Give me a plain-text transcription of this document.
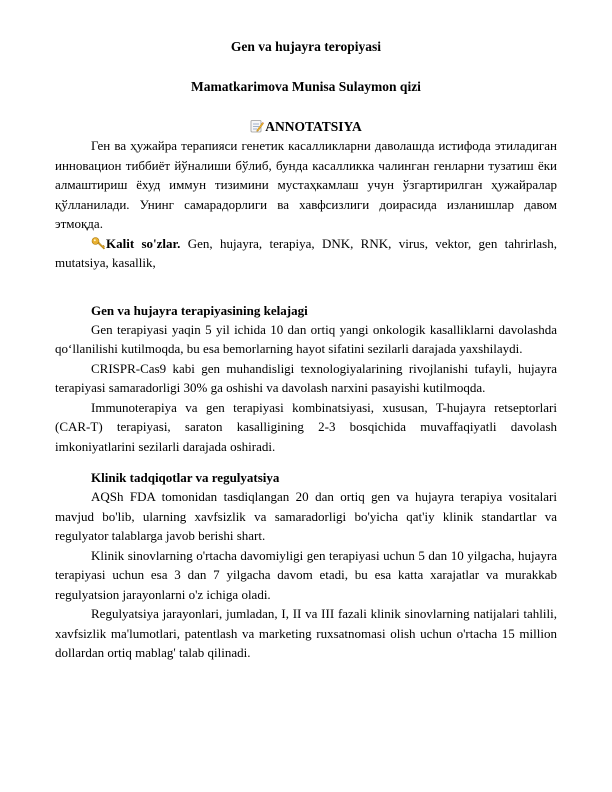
Gen va hujayra teropiyasi
Mamatkarimova Munisa Sulaymon qizi
ANNOTATSIYA

Ген ва ҳужайра терапияси генетик касалликларни даволашда истифода этиладиган инновацион тиббиёт йўналиши бўлиб, бунда касалликка чалинган генларни тузатиш ёки алмаштириш ёхуд иммун тизимини мустаҳкамлаш учун ўзгартирилган ҳужайралар қўлланилади. Унинг самарадорлиги ва хавфсизлиги доирасида изланишлар давом этмоқда.

Kalit so'zlar. Gen, hujayra, terapiya, DNK, RNK, virus, vektor, gen tahrirlash, mutatsiya, kasallik,

Gen va hujayra terapiyasining kelajagi

Gen terapiyasi yaqin 5 yil ichida 10 dan ortiq yangi onkologik kasalliklarni davolashda qo‘llanilishi kutilmoqda, bu esa bemorlarning hayot sifatini sezilarli darajada yaxshilaydi.

CRISPR-Cas9 kabi gen muhandisligi texnologiyalarining rivojlanishi tufayli, hujayra terapiyasi samaradorligi 30% ga oshishi va davolash narxini pasayishi kutilmoqda.

Immunoterapiya va gen terapiyasi kombinatsiyasi, xususan, T-hujayra retseptorlari (CAR-T) terapiyasi, saraton kasalligining 2-3 bosqichida muvaffaqiyatli davolash imkoniyatlarini sezilarli darajada oshiradi.

Klinik tadqiqotlar va regulyatsiya

AQSh FDA tomonidan tasdiqlangan 20 dan ortiq gen va hujayra terapiya vositalari mavjud bo'lib, ularning xavfsizlik va samaradorligi bo'yicha qat'iy klinik standartlar va regulyator talablarga javob berishi shart.

Klinik sinovlarning o'rtacha davomiyligi gen terapiyasi uchun 5 dan 10 yilgacha, hujayra terapiyasi uchun esa 3 dan 7 yilgacha davom etadi, bu esa katta xarajatlar va murakkab regulyatsion jarayonlarni o'z ichiga oladi.

Regulyatsiya jarayonlari, jumladan, I, II va III fazali klinik sinovlarning natijalari tahlili, xavfsizlik ma'lumotlari, patentlash va marketing ruxsatnomasi olish uchun o'rtacha 15 million dollardan ortiq mablag' talab qilinadi.
